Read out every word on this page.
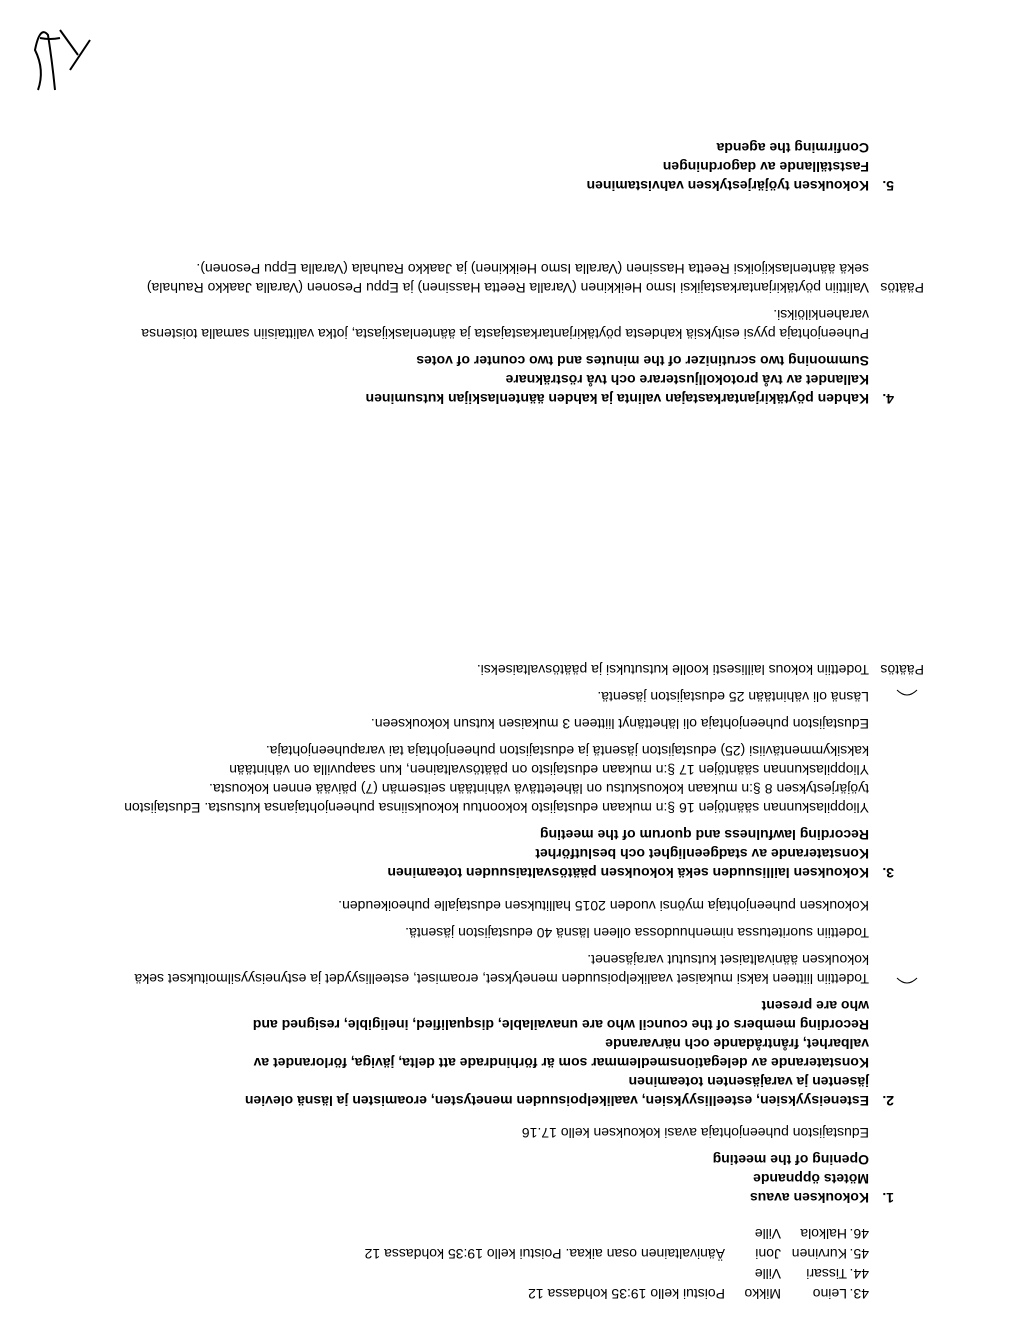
43.
Leino
Mikko
Poistui kello 19:35 kohdassa 12
44.
Tissari
Ville
45.
Kurvinen
Joni
Äänivaltainen osan aikaa. Poistui kello 19:35 kohdassa 12
46.
Halkola
Ville
1.
Kokouksen avaus
Mötets öppnande
Opening of the meeting

Edustajiston puheenjohtaja avasi kokouksen kello 17.16

2.
Esteneisyyksien, esteellisyyksien, vaalikelpoisuuden menetysten, eroamisten ja läsnä olevien
jäsenten ja varajäsenten toteaminen
Konstaterande av delegationsmedlemmar som är förhindrade att delta, jäviga, förlorandet av
valbarhet, fråntrådande och närvarande
Recording members of the council who are unavailable, disqualified, ineligible, resigned and
who are present

Todettiin liitteen kaksi mukaiset vaalikelpoisuuden menetykset, eroamiset, esteellisyydet ja estyneisyysilmoitukset sekä kokouksen äänivaltaiset kutsutut varajäsenet.

Todettiin suoritetussa nimenhuudossa olleen läsnä 40 edustajiston jäsentä.

Kokouksen puheenjohtaja myönsi vuoden 2015 hallituksen edustajalle puheoikeuden.

3.
Kokouksen laillisuuden sekä kokouksen päätösvaltaisuuden toteaminen
Konstaterande av stadgeenlighet och beslutförhet
Recording lawfulness and quorum of the meeting

Ylioppilaskunnan sääntöjen 16 §:n mukaan edustajisto kokoontuu kokouksiinsa puheenjohtajansa kutsusta. Edustajiston työjärjestyksen 8 §:n mukaan kokouskutsu on lähetettävä vähintään seitsemän (7) päivää ennen kokousta. Ylioppilaskunnan sääntöjen 17 §:n mukaan edustajisto on päätösvaltainen, kun saapuvilla on vähintään kaksikymmentäviisi (25) edustajiston jäsentä ja edustajiston puheenjohtaja tai varapuheenjohtaja.

Edustajiston puheenjohtaja oli lähettänyt liitteen 3 mukaisen kutsun kokoukseen.

Läsnä oli vähintään 25 edustajiston jäsentä.

Päätös
Todettiin kokous laillisesti koolle kutsutuksi ja päätösvaltaiseksi.
4.
Kahden pöytäkirjantarkastajan valinta ja kahden ääntenlaskijan kutsuminen
Kallandet av två protokolljusterare och två rösträknare
Summoning two scrutinizer of the minutes and two counter of votes

Puheenjohtaja pyysi esityksiä kahdesta pöytäkirjantarkastajasta ja ääntenlaskijasta, jotka valittaisiin samalla toistensa varahenkilöiksi.

Päätös
Valittiin pöytäkirjantarkastajiksi Ismo Heikkinen (Varalla Reetta Hassinen) ja Eppu Pesonen (Varalla Jaakko Rauhala) sekä ääntenlaskijoiksi Reetta Hassinen (Varalla Ismo Heikkinen) ja Jaakko Rauhala (Varalla Eppu Pesonen).
5.
Kokouksen työjärjestyksen vahvistaminen
Fastställande av dagordningen
Confirming the agenda
